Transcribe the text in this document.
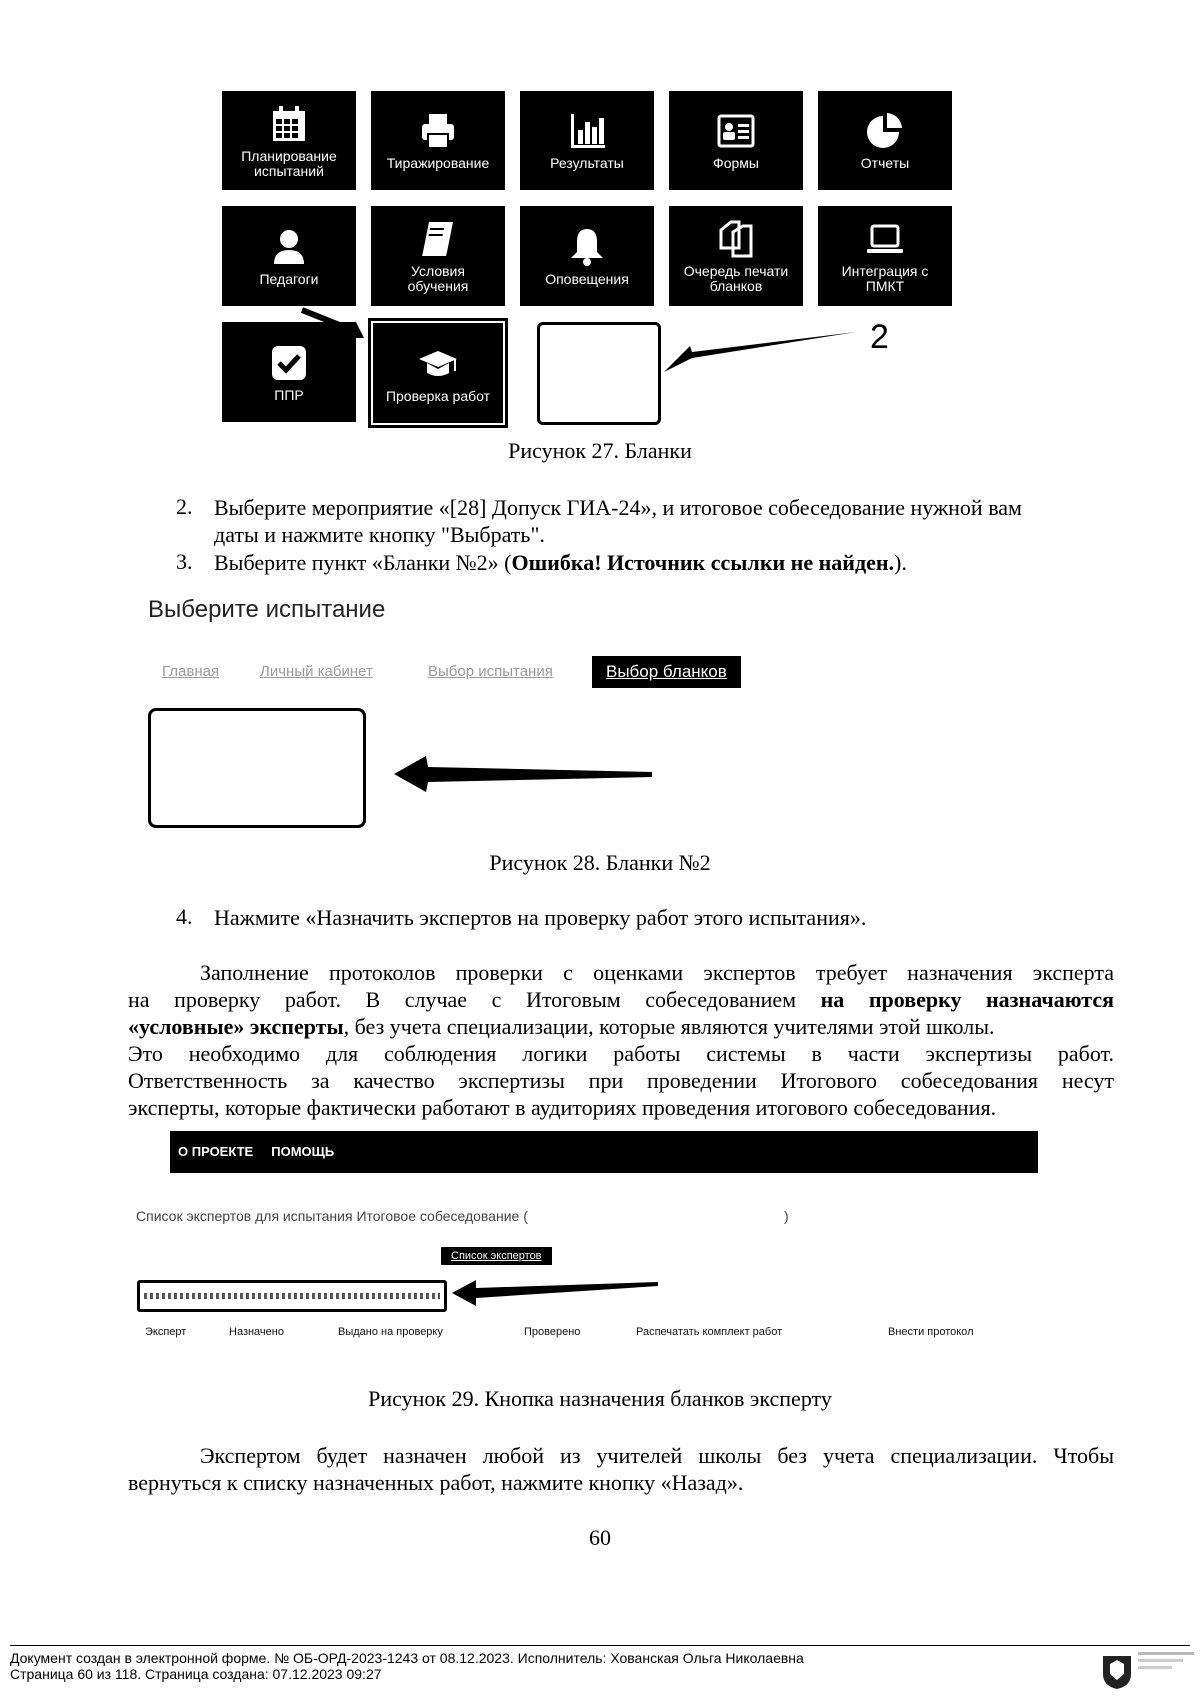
Планирование
испытаний	Тиражирование	Результаты	Формы	Отчеты
Педагоги	Условия
обучения	Оповещения	Очередь печати
бланков
Интеграция с
ПМКТ
ППР	Проверка работ
2
Рисунок 27. Бланки
2. Выберите мероприятие «[28] Допуск ГИА-24», и итоговое собеседование нужной вам
даты и нажмите кнопку "Выбрать".
3. Выберите пункт «Бланки №2» (Ошибка! Источник ссылки не найден.).
Выберите испытание
Главная	Личный кабинет	Выбор испытания	Выбор бланков
Рисунок 28. Бланки №2
4. Нажмите «Назначить экспертов на проверку работ этого испытания».
Заполнение протоколов проверки с оценками экспертов требует назначения эксперта
на проверку работ. В случае с Итоговым собеседованием на проверку назначаются
«условные» эксперты, без учета специализации, которые являются учителями этой школы.
Это необходимо для соблюдения логики работы системы в части экспертизы работ.
Ответственность за качество экспертизы при проведении Итогового собеседования несут
эксперты, которые фактически работают в аудиториях проведения итогового собеседования.
О ПРОЕКТЕ ПОМОЩЬ
Список экспертов для испытания Итоговое собеседование (	)
Список экспертов
Эксперт	Назначено	Выдано на проверку	Проверено	Распечатать комплект работ	Внести протокол
Рисунок 29. Кнопка назначения бланков эксперту
Экспертом будет назначен любой из учителей школы без учета специализации. Чтобы
вернуться к списку назначенных работ, нажмите кнопку «Назад».
60
Документ создан в электронной форме. № ОБ-ОРД-2023-1243 от 08.12.2023. Исполнитель: Хованская Ольга Николаевна
Страница 60 из 118. Страница создана: 07.12.2023 09:27
